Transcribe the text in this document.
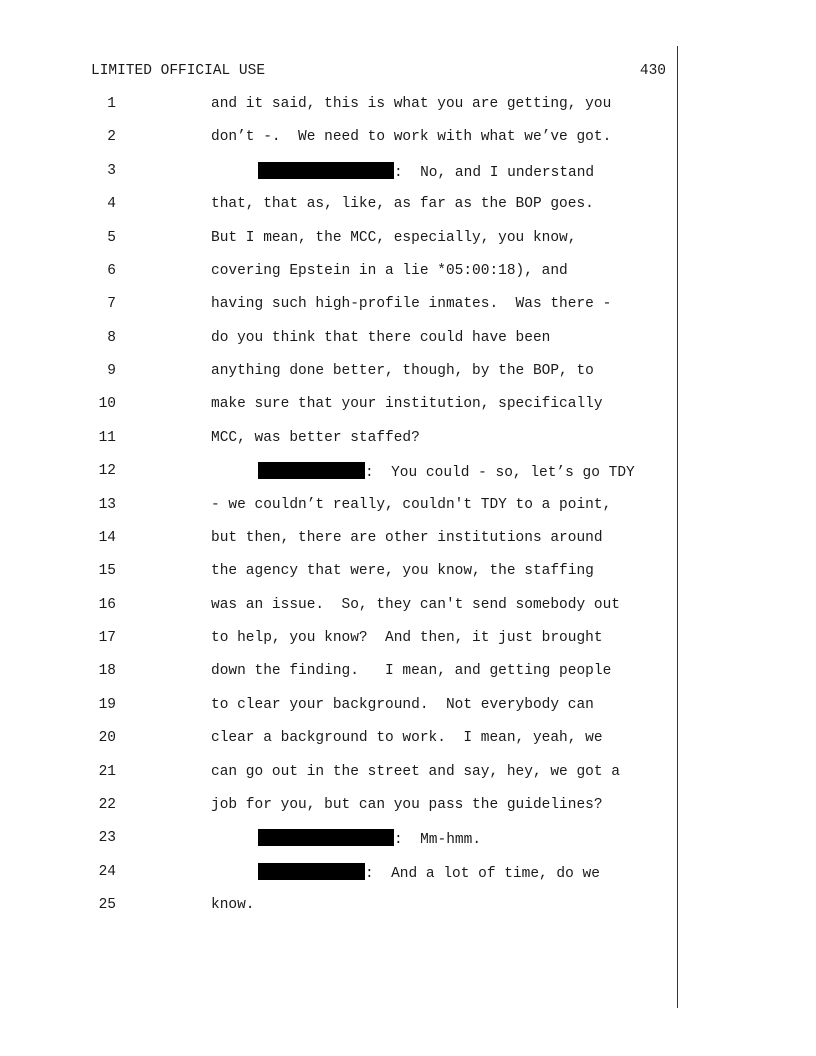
LIMITED OFFICIAL USE	430
1	and it said, this is what you are getting, you
2	don’t -.  We need to work with what we’ve got.
3	:  No, and I understand
4	that, that as, like, as far as the BOP goes.
5	But I mean, the MCC, especially, you know,
6	covering Epstein in a lie *05:00:18), and
7	having such high-profile inmates.  Was there -
8	do you think that there could have been
9	anything done better, though, by the BOP, to
10	make sure that your institution, specifically
11	MCC, was better staffed?
12	:  You could - so, let’s go TDY
13	- we couldn’t really, couldn't TDY to a point,
14	but then, there are other institutions around
15	the agency that were, you know, the staffing
16	was an issue.  So, they can't send somebody out
17	to help, you know?  And then, it just brought
18	down the finding.   I mean, and getting people
19	to clear your background.  Not everybody can
20	clear a background to work.  I mean, yeah, we
21	can go out in the street and say, hey, we got a
22	job for you, but can you pass the guidelines?
23	:  Mm-hmm.
24	:  And a lot of time, do we
25	know.
